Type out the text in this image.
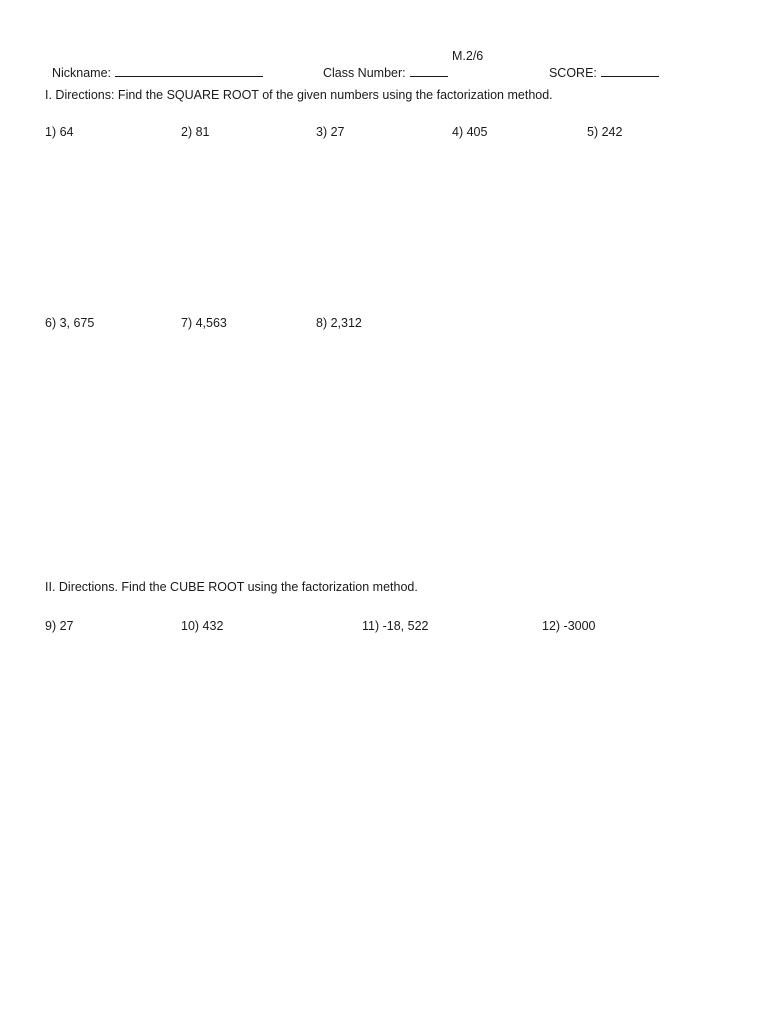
Nickname:	Class Number:

M.2/6

SCORE:

I. Directions: Find the SQUARE ROOT of the given numbers using the factorization method.
1) 64	2) 81	3) 27	4) 405	5) 242
6) 3, 675	7) 4,563	8) 2,312
II. Directions. Find the CUBE ROOT using the factorization method.
9) 27	10) 432	11) -18, 522	12) -3000
